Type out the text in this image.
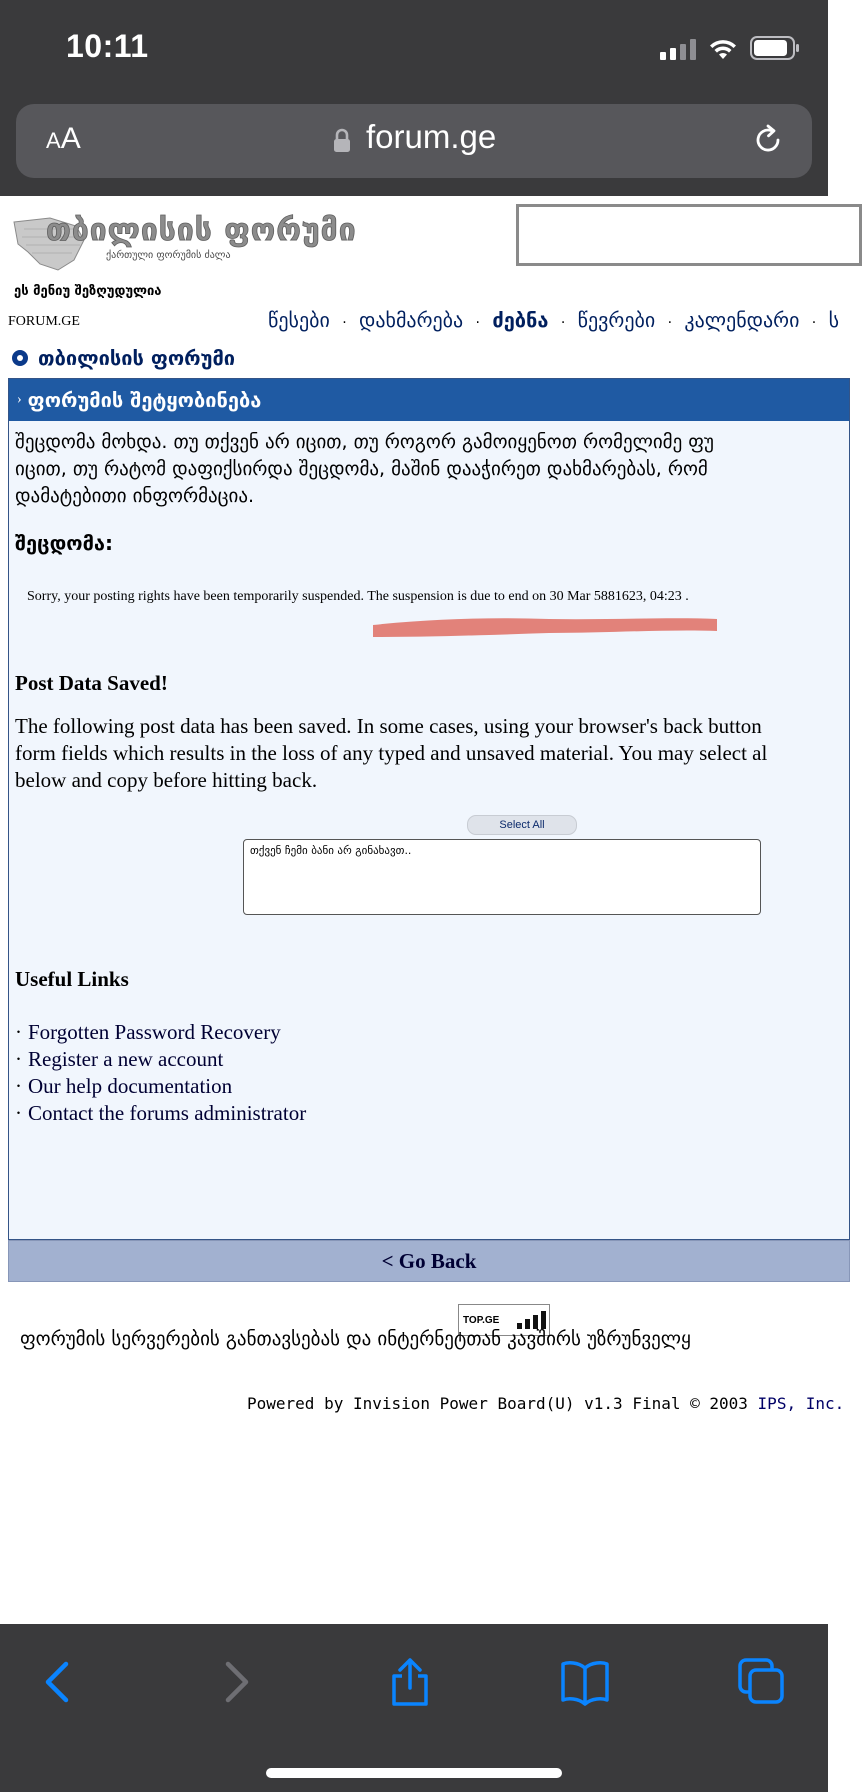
10:11
AA	forum.ge
თბილისის ფორუმი
ქართული ფორუმის ძალა
ეს მენიუ შეზღუდულია
FORUM.GE	წესები · დახმარება · ძებნა · წევრები · კალენდარი · ს
თბილისის ფორუმი
› ფორუმის შეტყობინება
შეცდომა მოხდა. თუ თქვენ არ იცით, თუ როგორ გამოიყენოთ რომელიმე ფუ
იცით, თუ რატომ დაფიქსირდა შეცდომა, მაშინ დააჭირეთ დახმარებას, რომ
დამატებითი ინფორმაცია.
შეცდომა:
Sorry, your posting rights have been temporarily suspended. The suspension is due to end on 30 Mar 5881623, 04:23 .
Post Data Saved!
The following post data has been saved. In some cases, using your browser's back button
form fields which results in the loss of any typed and unsaved material. You may select al
below and copy before hitting back.
Select All
თქვენ ჩემი ბანი არ გინახავთ..
Useful Links
· Forgotten Password Recovery
· Register a new account
· Our help documentation
· Contact the forums administrator
< Go Back
TOP.GE
ფორუმის სერვერების განთავსებას და ინტერნეტთან კავშირს უზრუნველყ
Powered by Invision Power Board(U) v1.3 Final © 2003 IPS, Inc.
